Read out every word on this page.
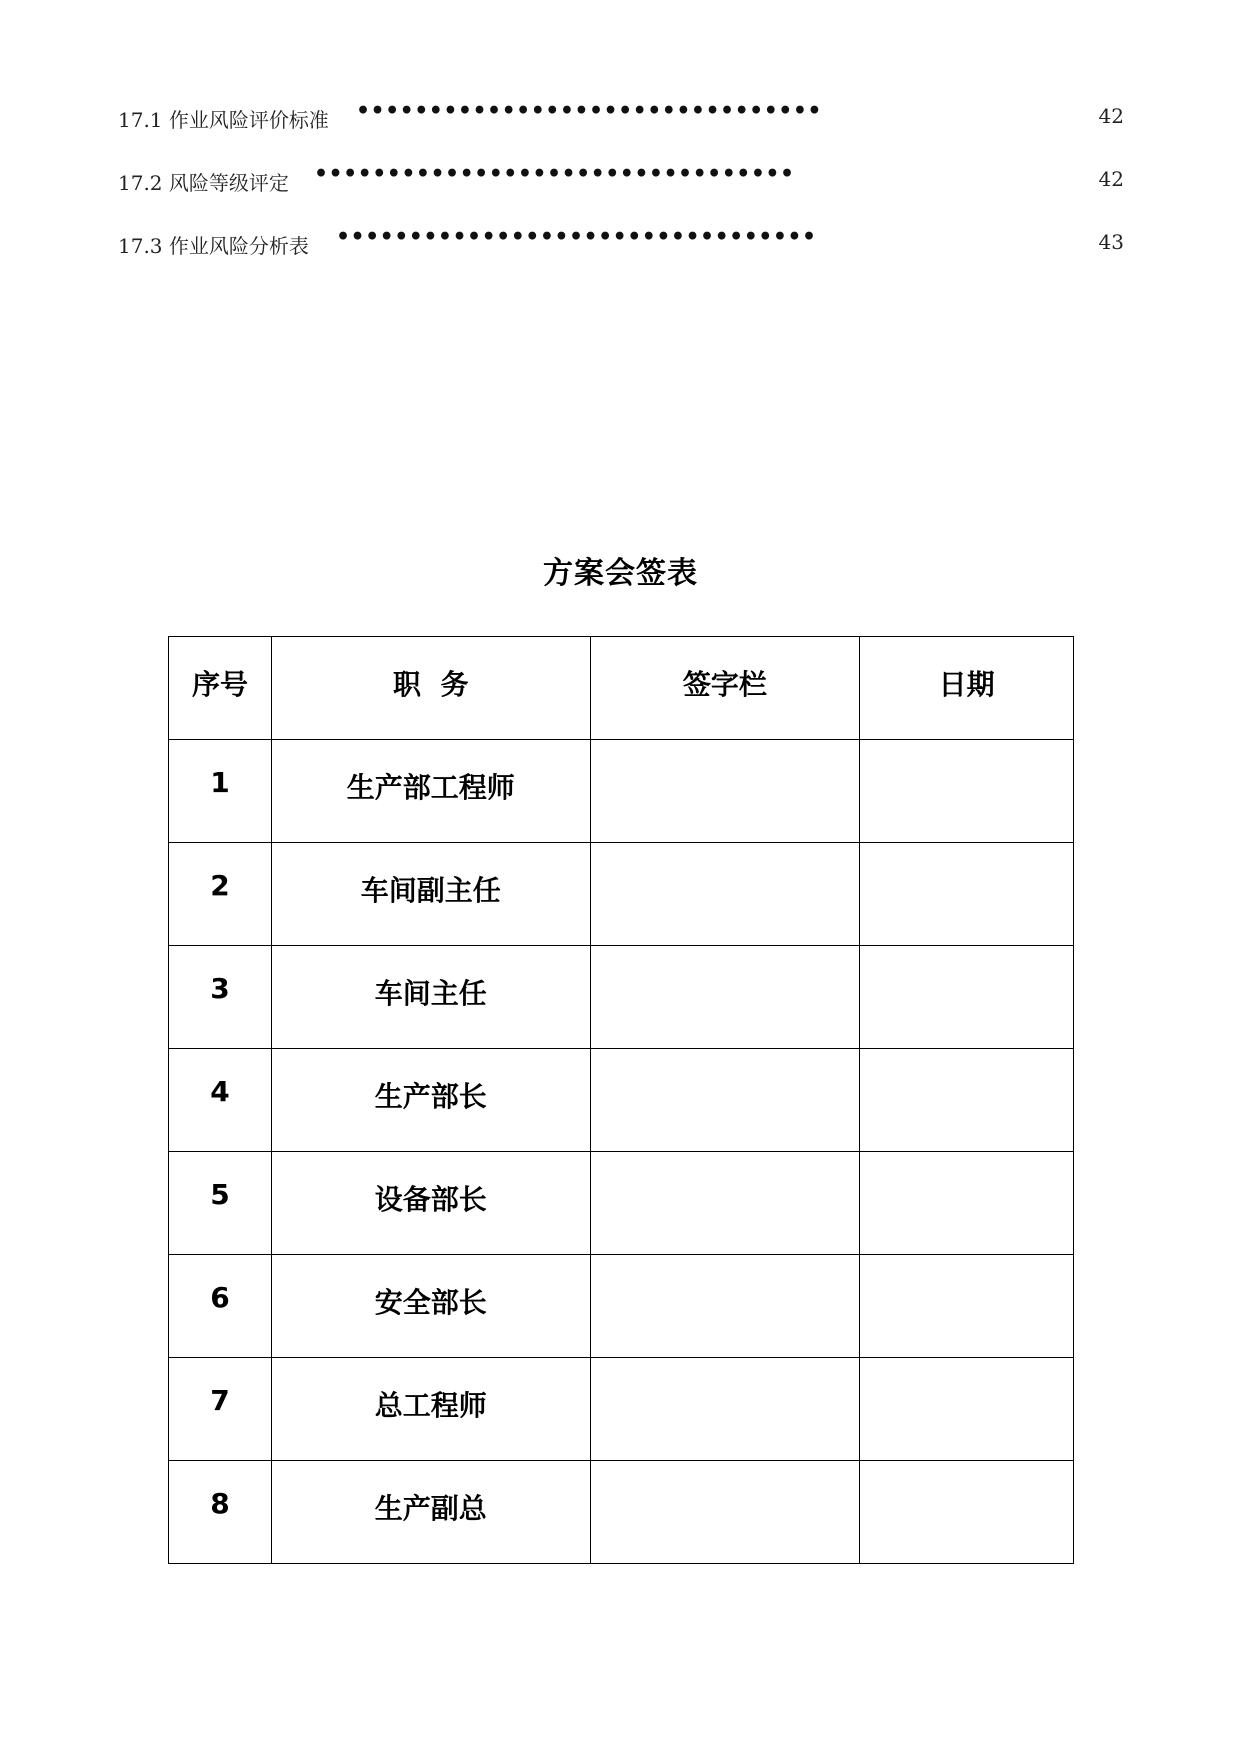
17.1 作业风险评价标准 ••••••••••••••••••••••••••••••••	42
17.2 风险等级评定 •••••••••••••••••••••••••••••••••	42
17.3 作业风险分析表 •••••••••••••••••••••••••••••••••	43
方案会签表
序号	职  务	签字栏	日期

1	生产部工程师		

2	车间副主任		

3	车间主任		

4	生产部长		

5	设备部长		

6	安全部长		

7	总工程师		

8	生产副总		
